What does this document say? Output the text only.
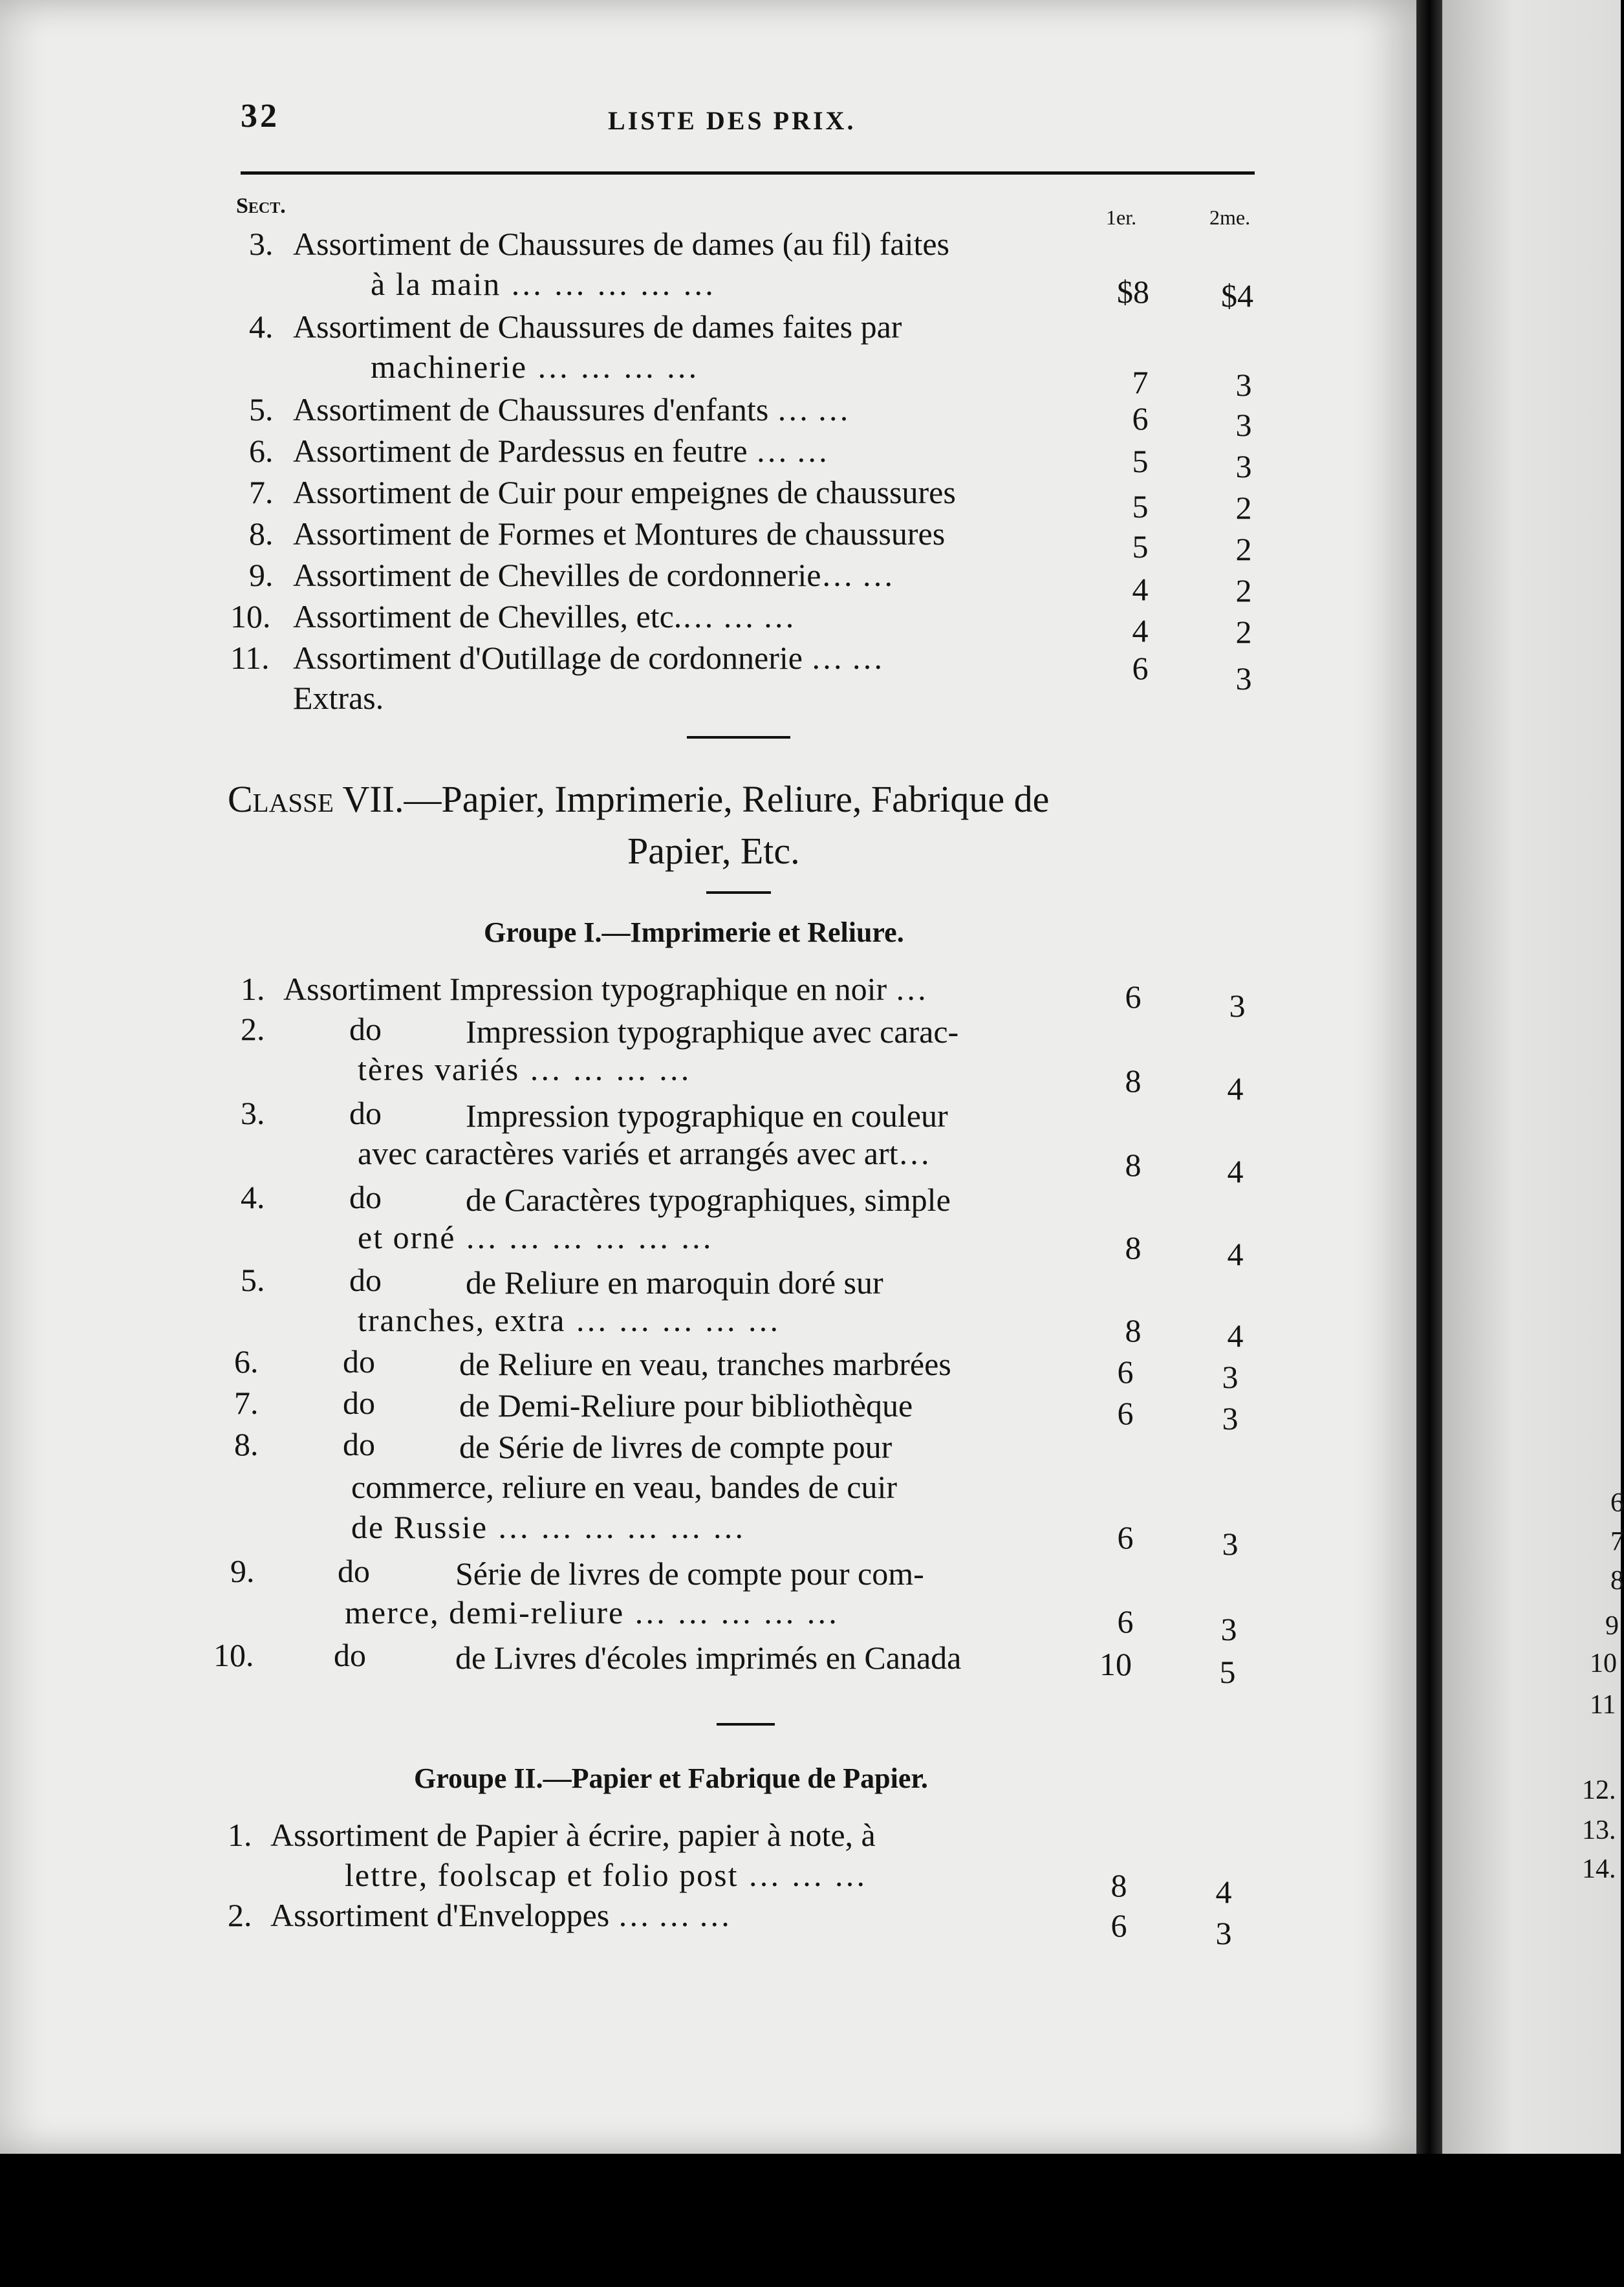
32	LISTE DES PRIX.
Sect.	1er.	2me.
3. Assortiment de Chaussures de dames (au fil) faites
à la main … … … … …	$8	$4
4. Assortiment de Chaussures de dames faites par
machinerie … … … …	7	3
5. Assortiment de Chaussures d'enfants … …	6	3
6. Assortiment de Pardessus en feutre … …	5	3
7. Assortiment de Cuir pour empeignes de chaussures	5	2
8. Assortiment de Formes et Montures de chaussures	5	2
9. Assortiment de Chevilles de cordonnerie… …	4	2
10. Assortiment de Chevilles, etc.… … …	4	2
11. Assortiment d'Outillage de cordonnerie … …	6	3
Extras.
Classe VII.—Papier, Imprimerie, Reliure, Fabrique de
Papier, Etc.
Groupe I.—Imprimerie et Reliure.
1. Assortiment Impression typographique en noir …	6	3
2.	do	Impression typographique avec carac-
tères variés … … … …	8	4
3.	do	Impression typographique en couleur
avec caractères variés et arrangés avec art…	8	4
4.	do	de Caractères typographiques, simple
et orné … … … … … …	8	4
5.	do	de Reliure en maroquin doré sur
tranches, extra … … … … …	8	4
6.	do	de Reliure en veau, tranches marbrées	6	3
7.	do	de Demi-Reliure pour bibliothèque	6	3
8.	do	de Série de livres de compte pour
commerce, reliure en veau, bandes de cuir
de Russie … … … … … …	6	3
9.	do	Série de livres de compte pour com-
merce, demi-reliure … … … … …	6	3
10. do	de Livres d'écoles imprimés en Canada	10	5
Groupe II.—Papier et Fabrique de Papier.
1. Assortiment de Papier à écrire, papier à note, à
lettre, foolscap et folio post … … …	8	4
2. Assortiment d'Enveloppes … … …	6	3
6
7
8
9
10
11
12.
13.
14.
